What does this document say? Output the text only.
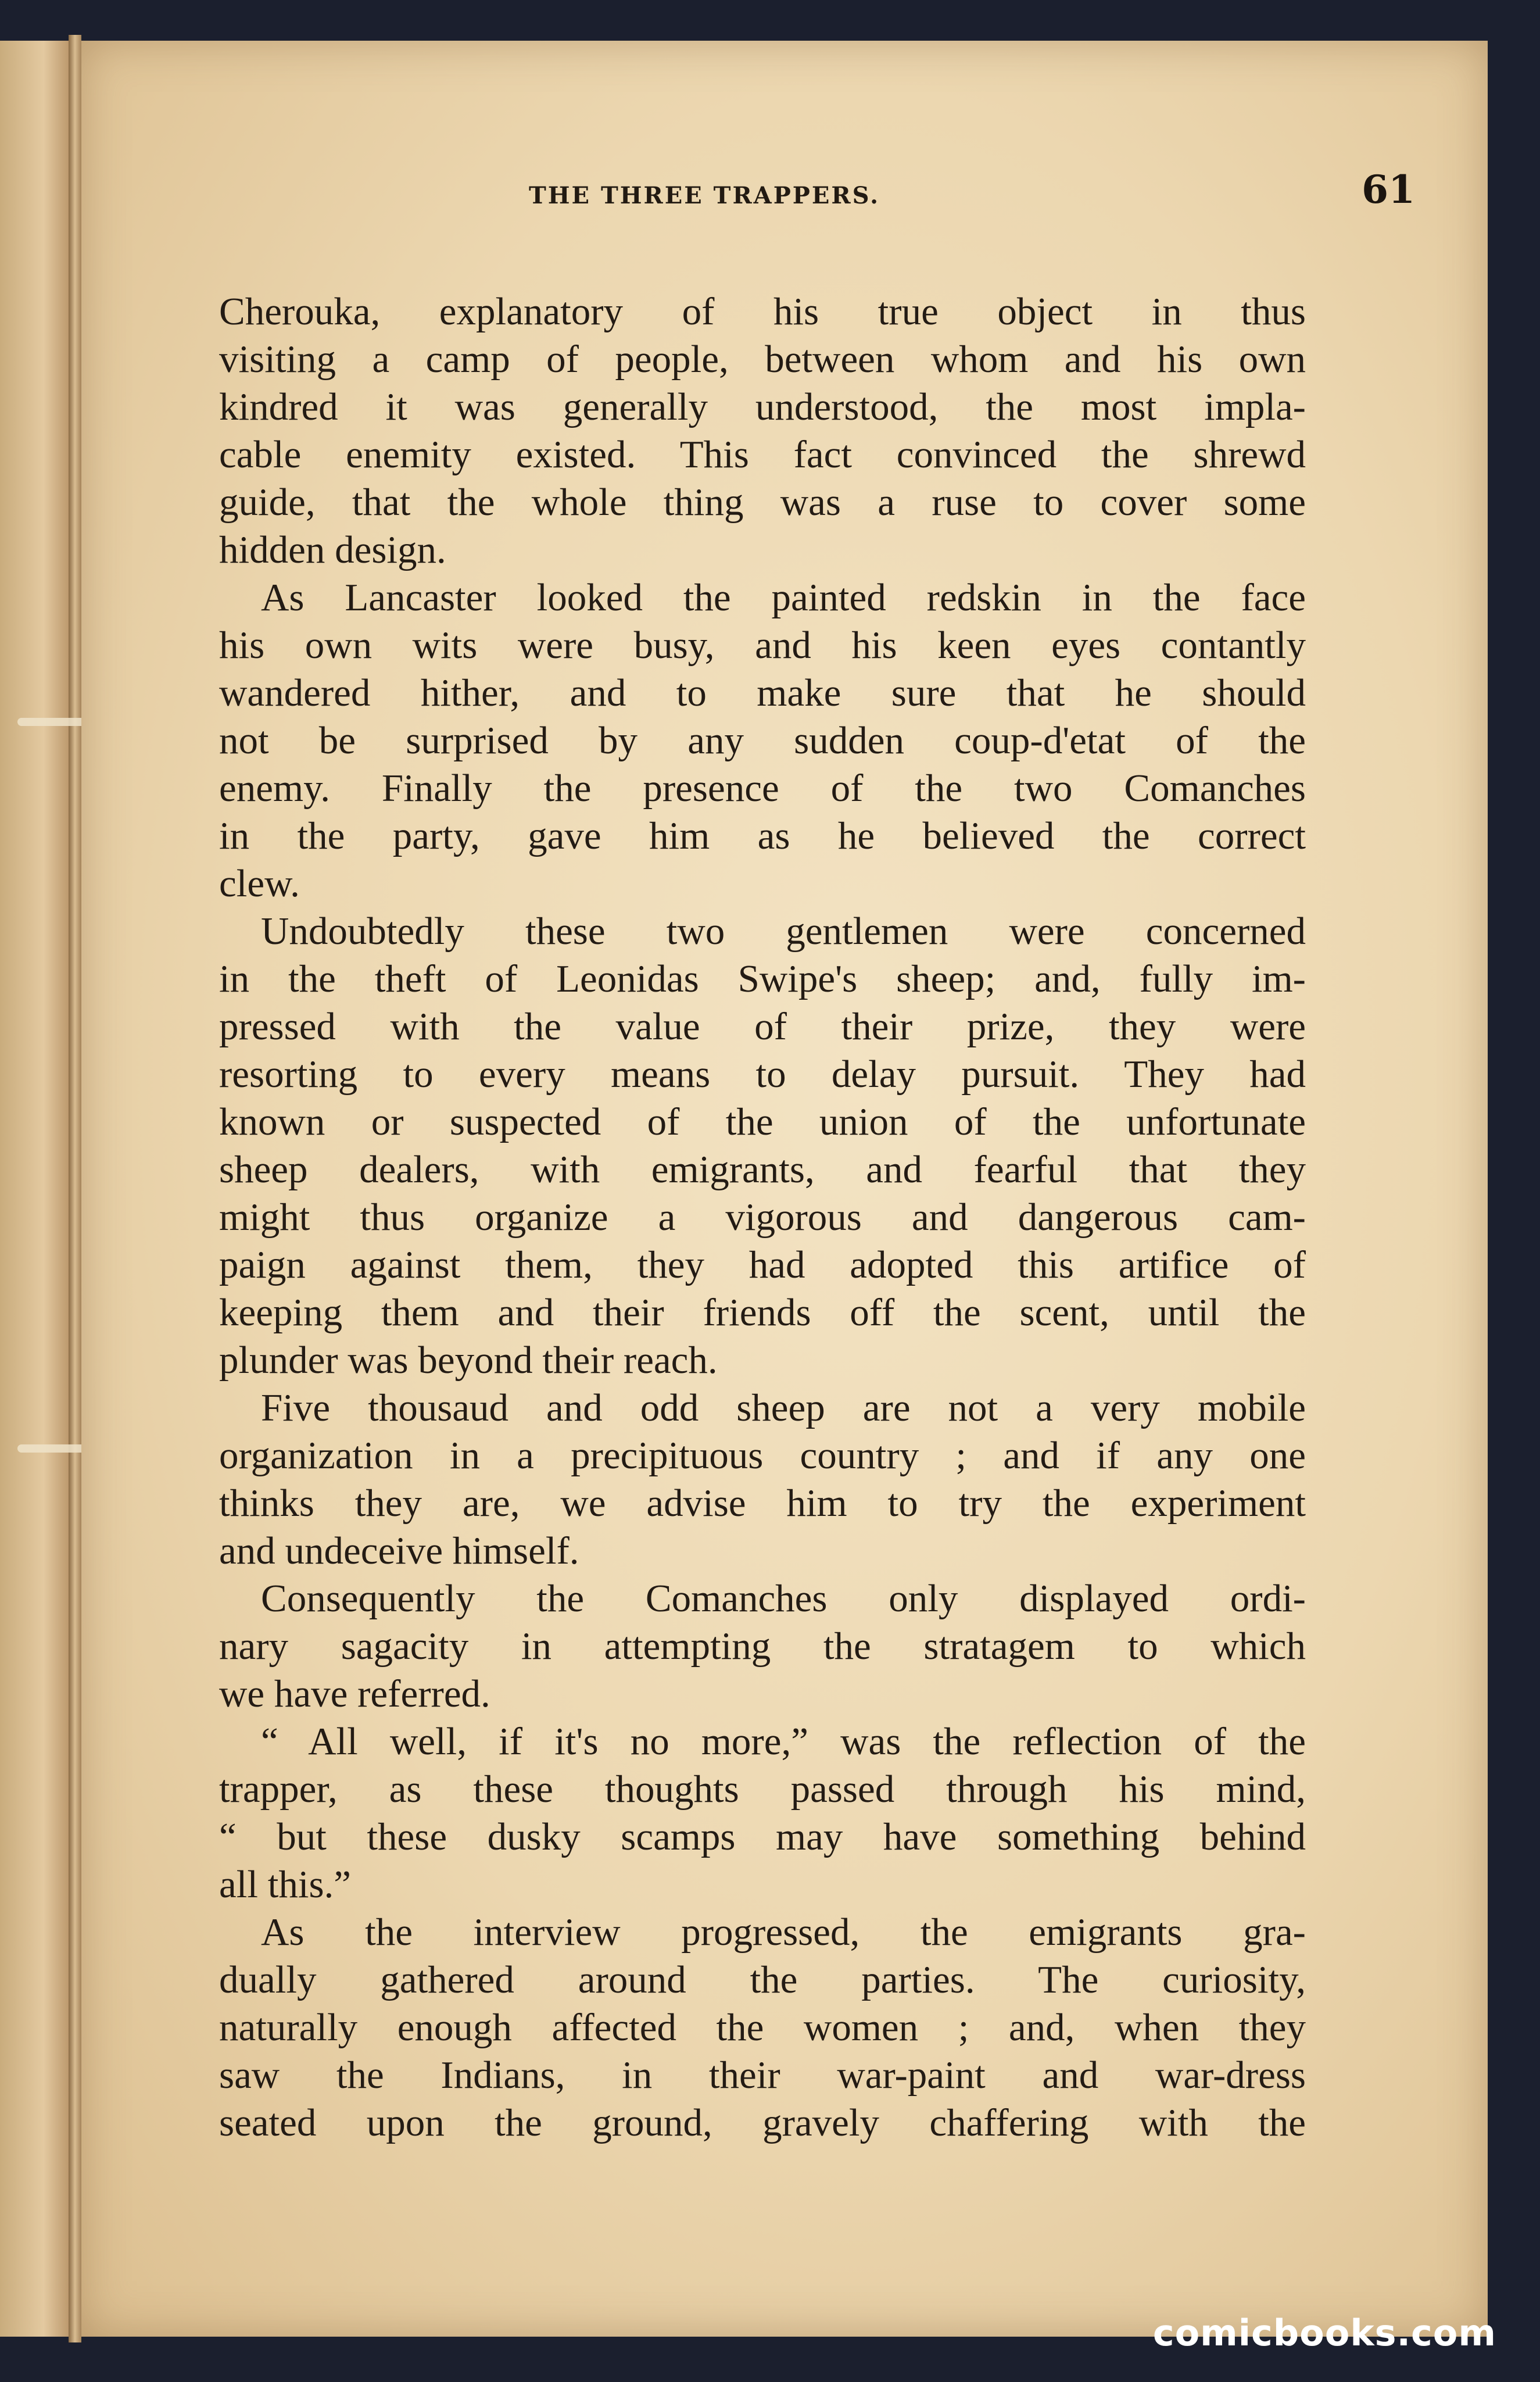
THE THREE TRAPPERS.	61
Cherouka, explanatory of his true object in thus
visiting a camp of people, between whom and his own
kindred it was generally understood, the most impla-
cable enemity existed. This fact convinced the shrewd
guide, that the whole thing was a ruse to cover some
hidden design.
As Lancaster looked the painted redskin in the face
his own wits were busy, and his keen eyes contantly
wandered hither, and to make sure that he should
not be surprised by any sudden coup-d'etat of the
enemy. Finally the presence of the two Comanches
in the party, gave him as he believed the correct
clew.
Undoubtedly these two gentlemen were concerned
in the theft of Leonidas Swipe's sheep; and, fully im-
pressed with the value of their prize, they were
resorting to every means to delay pursuit. They had
known or suspected of the union of the unfortunate
sheep dealers, with emigrants, and fearful that they
might thus organize a vigorous and dangerous cam-
paign against them, they had adopted this artifice of
keeping them and their friends off the scent, until the
plunder was beyond their reach.
Five thousaud and odd sheep are not a very mobile
organization in a precipituous country ; and if any one
thinks they are, we advise him to try the experiment
and undeceive himself.
Consequently the Comanches only displayed ordi-
nary sagacity in attempting the stratagem to which
we have referred.
“ All well, if it's no more,” was the reflection of the
trapper, as these thoughts passed through his mind,
“ but these dusky scamps may have something behind
all this.”
As the interview progressed, the emigrants gra-
dually gathered around the parties. The curiosity,
naturally enough affected the women ; and, when they
saw the Indians, in their war-paint and war-dress
seated upon the ground, gravely chaffering with the
comicbooks.com
